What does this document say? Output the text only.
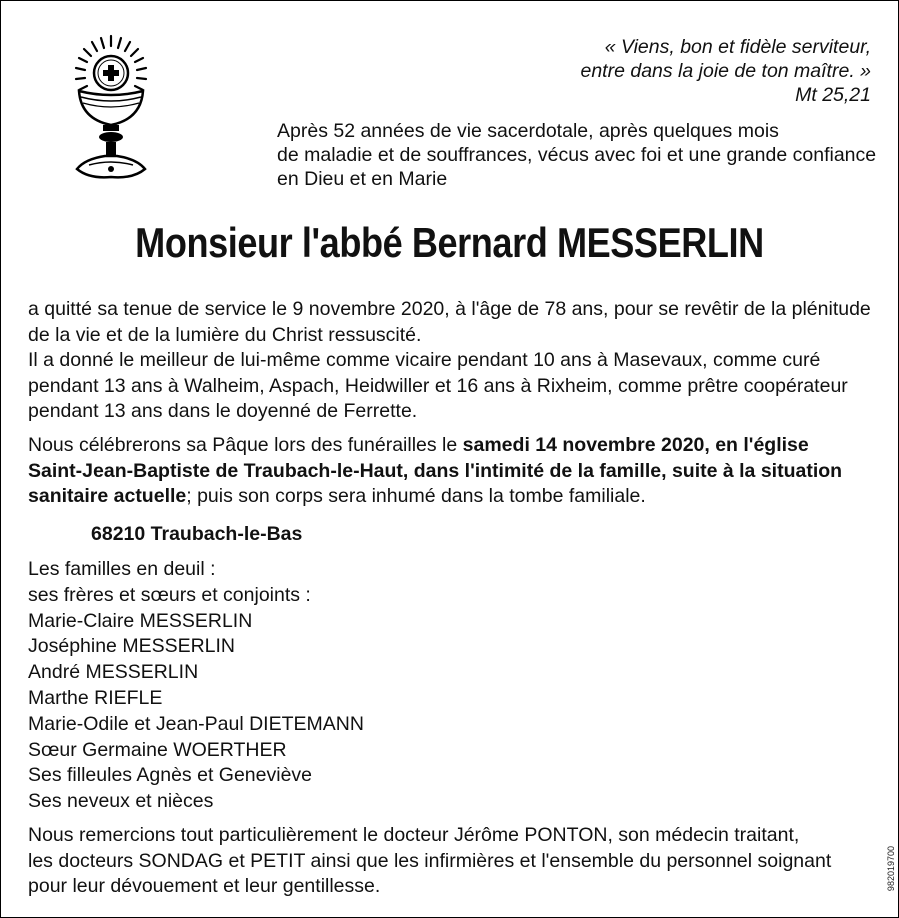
« Viens, bon et fidèle serviteur,
entre dans la joie de ton maître. »
Mt 25,21
Après 52 années de vie sacerdotale, après quelques mois
de maladie et de souffrances, vécus avec foi et une grande confiance
en Dieu et en Marie
Monsieur l'abbé Bernard MESSERLIN
a quitté sa tenue de service le 9 novembre 2020, à l'âge de 78 ans, pour se revêtir de la plénitude
de la vie et de la lumière du Christ ressuscité.
Il a donné le meilleur de lui-même comme vicaire pendant 10 ans à Masevaux, comme curé
pendant 13 ans à Walheim, Aspach, Heidwiller et 16 ans à Rixheim, comme prêtre coopérateur
pendant 13 ans dans le doyenné de Ferrette.
Nous célébrerons sa Pâque lors des funérailles le samedi 14 novembre 2020, en l'église
Saint-Jean-Baptiste de Traubach-le-Haut, dans l'intimité de la famille, suite à la situation
sanitaire actuelle; puis son corps sera inhumé dans la tombe familiale.
68210 Traubach-le-Bas
Les familles en deuil :
ses frères et sœurs et conjoints :
Marie-Claire MESSERLIN
Joséphine MESSERLIN
André MESSERLIN
Marthe RIEFLE
Marie-Odile et Jean-Paul DIETEMANN
Sœur Germaine WOERTHER
Ses filleules Agnès et Geneviève
Ses neveux et nièces
Nous remercions tout particulièrement le docteur Jérôme PONTON, son médecin traitant,
les docteurs SONDAG et PETIT ainsi que les infirmières et l'ensemble du personnel soignant
pour leur dévouement et leur gentillesse.	982019700
